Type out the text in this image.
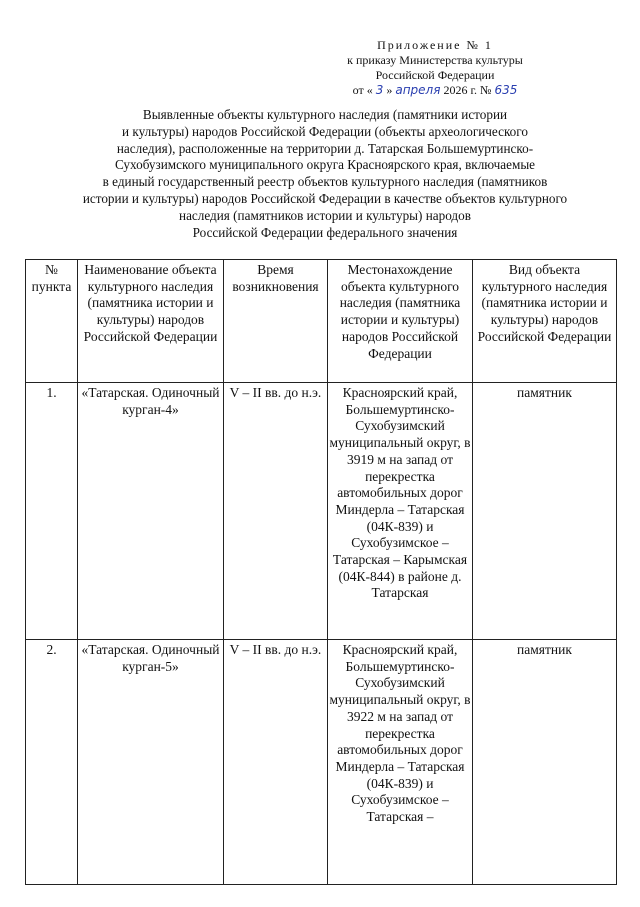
Приложение № 1
к приказу Министерства культуры
Российской Федерации
от « 3 » апреля 2026 г. № 635
Выявленные объекты культурного наследия (памятники истории
и культуры) народов Российской Федерации (объекты археологического
наследия), расположенные на территории д. Татарская Большемуртинско-
Сухобузимского муниципального округа Красноярского края, включаемые
в единый государственный реестр объектов культурного наследия (памятников
истории и культуры) народов Российской Федерации в качестве объектов культурного
наследия (памятников истории и культуры) народов
Российской Федерации федерального значения
№ пункта	Наименование объекта культурного наследия (памятника истории и культуры) народов Российской Федерации	Время возникновения	Местонахождение объекта культурного наследия (памятника истории и культуры) народов Российской Федерации	Вид объекта культурного наследия (памятника истории и культуры) народов Российской Федерации
1.	«Татарская. Одиночный курган-4»	V – II вв. до н.э.	Красноярский край, Большемуртинско-Сухобузимский муниципальный округ, в 3919 м на запад от перекрестка автомобильных дорог Миндерла – Татарская (04К-839) и Сухобузимское – Татарская – Карымская (04К-844) в районе д. Татарская	памятник
2.	«Татарская. Одиночный курган-5»	V – II вв. до н.э.	Красноярский край, Большемуртинско-Сухобузимский муниципальный округ, в 3922 м на запад от перекрестка автомобильных дорог Миндерла – Татарская (04К-839) и Сухобузимское – Татарская –	памятник
